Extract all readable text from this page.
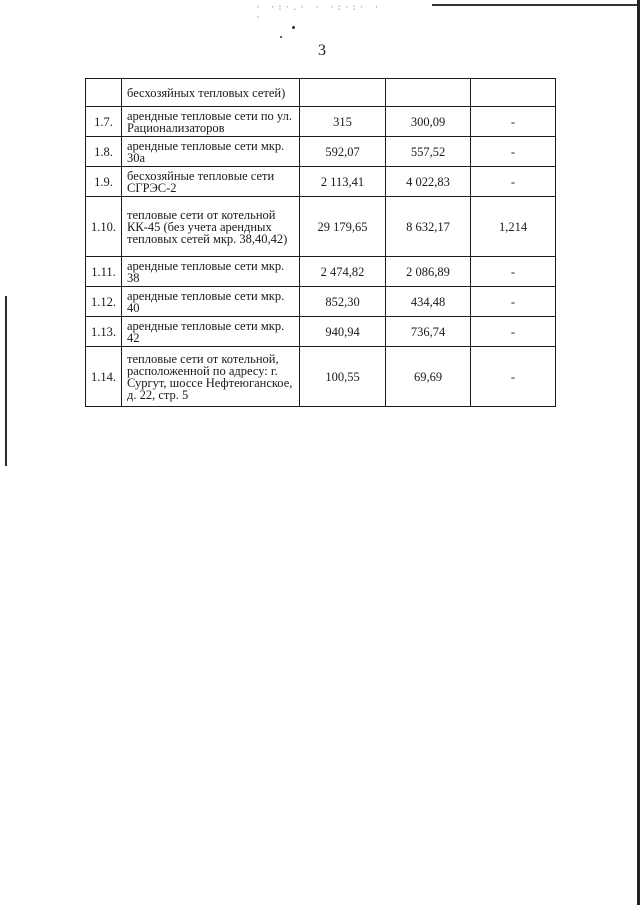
· ·:·.· · ·:·:· · ·
3
	бесхозяйных тепловых сетей)			
1.7.	арендные тепловые сети по ул. Рационализаторов	315	300,09	-
1.8.	арендные тепловые сети мкр. 30а	592,07	557,52	-
1.9.	бесхозяйные тепловые сети СГРЭС-2	2 113,41	4 022,83	-
1.10.	тепловые сети от котельной КК-45 (без учета арендных тепловых сетей мкр. 38,40,42)	29 179,65	8 632,17	1,214
1.11.	арендные тепловые сети мкр. 38	2 474,82	2 086,89	-
1.12.	арендные тепловые сети мкр. 40	852,30	434,48	-
1.13.	арендные тепловые сети мкр. 42	940,94	736,74	-
1.14.	тепловые сети от котельной, расположенной по адресу: г. Сургут, шоссе Нефтеюганское, д. 22, стр. 5	100,55	69,69	-
